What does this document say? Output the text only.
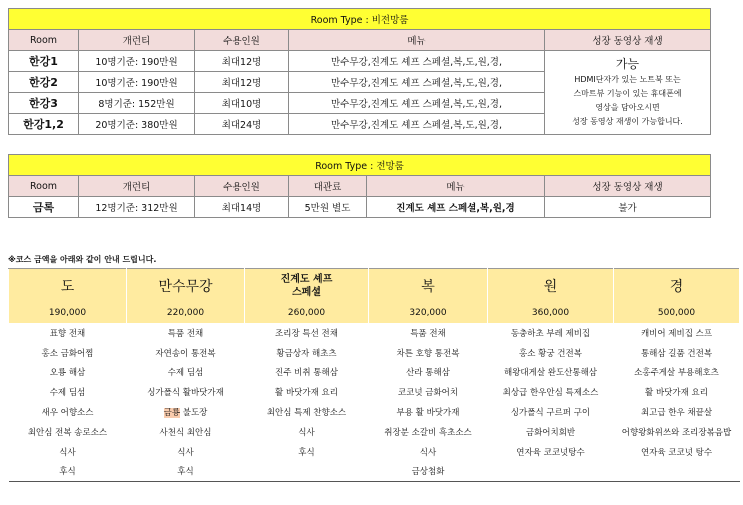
Room Type : 비전망룸				
Room	개런티	수용인원	메뉴	성장 동영상 재생
한강1	10명기준: 190만원	최대12명	만수무강,진계도 셰프 스페셜,복,도,원,경,	가능
HDMI단자가 있는 노트북 또는
스마트뷰 기능이 있는 휴대폰에
영상을 담아오시면
성장 동영상 재생이 가능합니다.
한강2	10명기준: 190만원	최대12명	만수무강,진계도 셰프 스페셜,복,도,원,경,	
한강3	8명기준: 152만원	최대10명	만수무강,진계도 셰프 스페셜,복,도,원,경,	
한강1,2	20명기준: 380만원	최대24명	만수무강,진계도 셰프 스페셜,복,도,원,경,	
Room Type : 전망룸					
Room	개런티	수용인원	대관료	메뉴	성장 동영상 재생
금록	12명기준: 312만원	최대14명	5만원 별도	진계도 셰프 스페셜,복,원,경	불가
※코스 금액을 아래와 같이 안내 드립니다.
도	만수무강	진계도 셰프 스페셜	복	원	경
190,000	220,000	260,000	320,000	360,000	500,000
표향 전채	특품 전채	조리장 특선 전채	특품 전채	동충하초 부레 제비집	캐비어 제비집 스프
홍소 금화어찜	자연송이 통전복	황금상자 해초츠	차튼 호향 통전복	홍소 황궁 건전복	통해삼 길품 건전복
오룡 해삼	수제 딤섬	진주 비취 통해삼	산라 통해삼	해왕대게살 완도산통해삼	소홍주게살 부용해호츠
수제 딤섬	싱가폴식 활바닷가재	활 바닷가재 요리	코코넛 금화어치	최상급 한우안심 특제소스	활 바닷가재 요리
새우 어향소스	금룡 불도장	최안심 특제 찬향소스	부용 활 바닷가재	싱가폴식 구르퍼 구이	최고급 한우 채끝살
최안심 전복 송로소스	사천식 최안심	식사	취장분 소갈비 흑초소스	금화어치회반	어향왕화위쓰와 조리장볶음밥
식사	식사	후식	식사	연자육 코코넛탕수	연자육 코코넛 탕수
후식	후식		금상첨화		
